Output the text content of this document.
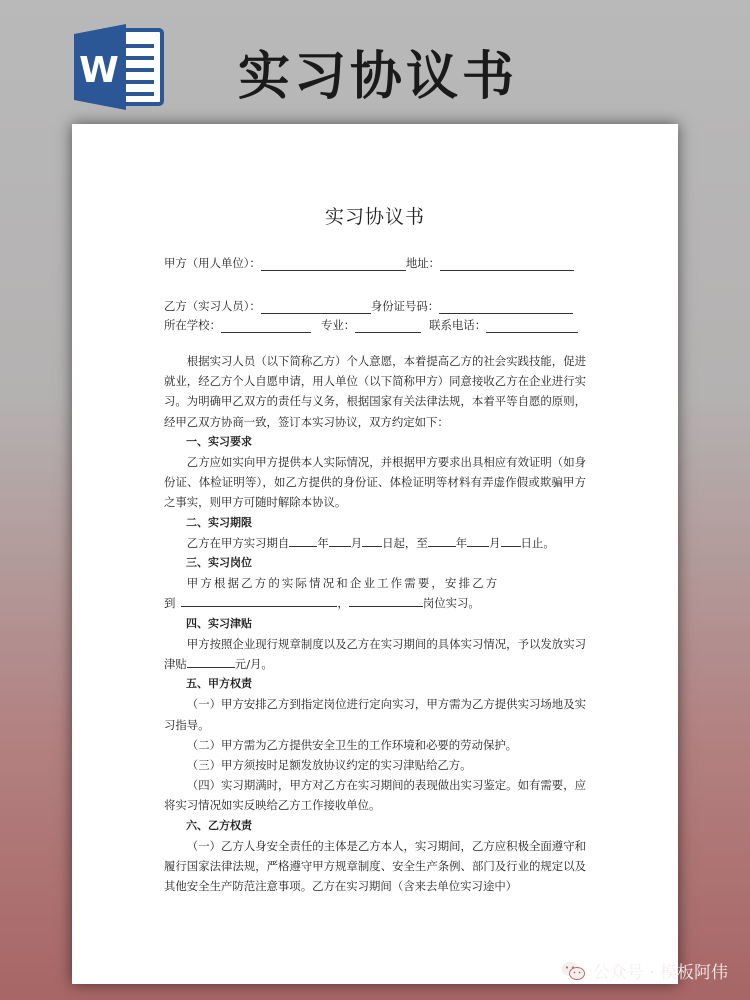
W 实习协议书
实习协议书
甲方（用人单位）：	地址：
乙方（实习人员）：	身份证号码：
所在学校：	专业：	联系电话：

根据实习人员（以下简称乙方）个人意愿，本着提高乙方的社会实践技能，促进就业，经乙方个人自愿申请，用人单位（以下简称甲方）同意接收乙方在企业进行实习。为明确甲乙双方的责任与义务，根据国家有关法律法规，本着平等自愿的原则，经甲乙双方协商一致，签订本实习协议，双方约定如下：

一、实习要求

乙方应如实向甲方提供本人实际情况，并根据甲方要求出具相应有效证明（如身份证、体检证明等），如乙方提供的身份证、体检证明等材料有弄虚作假或欺骗甲方之事实，则甲方可随时解除本协议。

二、实习期限

乙方在甲方实习期自 年 月 日起，至 年 月 日止。

三、实习岗位

甲方根据乙方的实际情况和企业工作需要，安排乙方

到	，	岗位实习。

四、实习津贴

甲方按照企业现行规章制度以及乙方在实习期间的具体实习情况，予以发放实习津贴	元/月。

五、甲方权责

（一）甲方安排乙方到指定岗位进行定向实习，甲方需为乙方提供实习场地及实习指导。

（二）甲方需为乙方提供安全卫生的工作环境和必要的劳动保护。

（三）甲方须按时足额发放协议约定的实习津贴给乙方。

（四）实习期满时，甲方对乙方在实习期间的表现做出实习鉴定。如有需要，应将实习情况如实反映给乙方工作接收单位。

六、乙方权责

（一）乙方人身安全责任的主体是乙方本人，实习期间，乙方应积极全面遵守和履行国家法律法规，严格遵守甲方规章制度、安全生产条例、部门及行业的规定以及其他安全生产防范注意事项。乙方在实习期间（含来去单位实习途中）

公众号 · 模板阿伟
